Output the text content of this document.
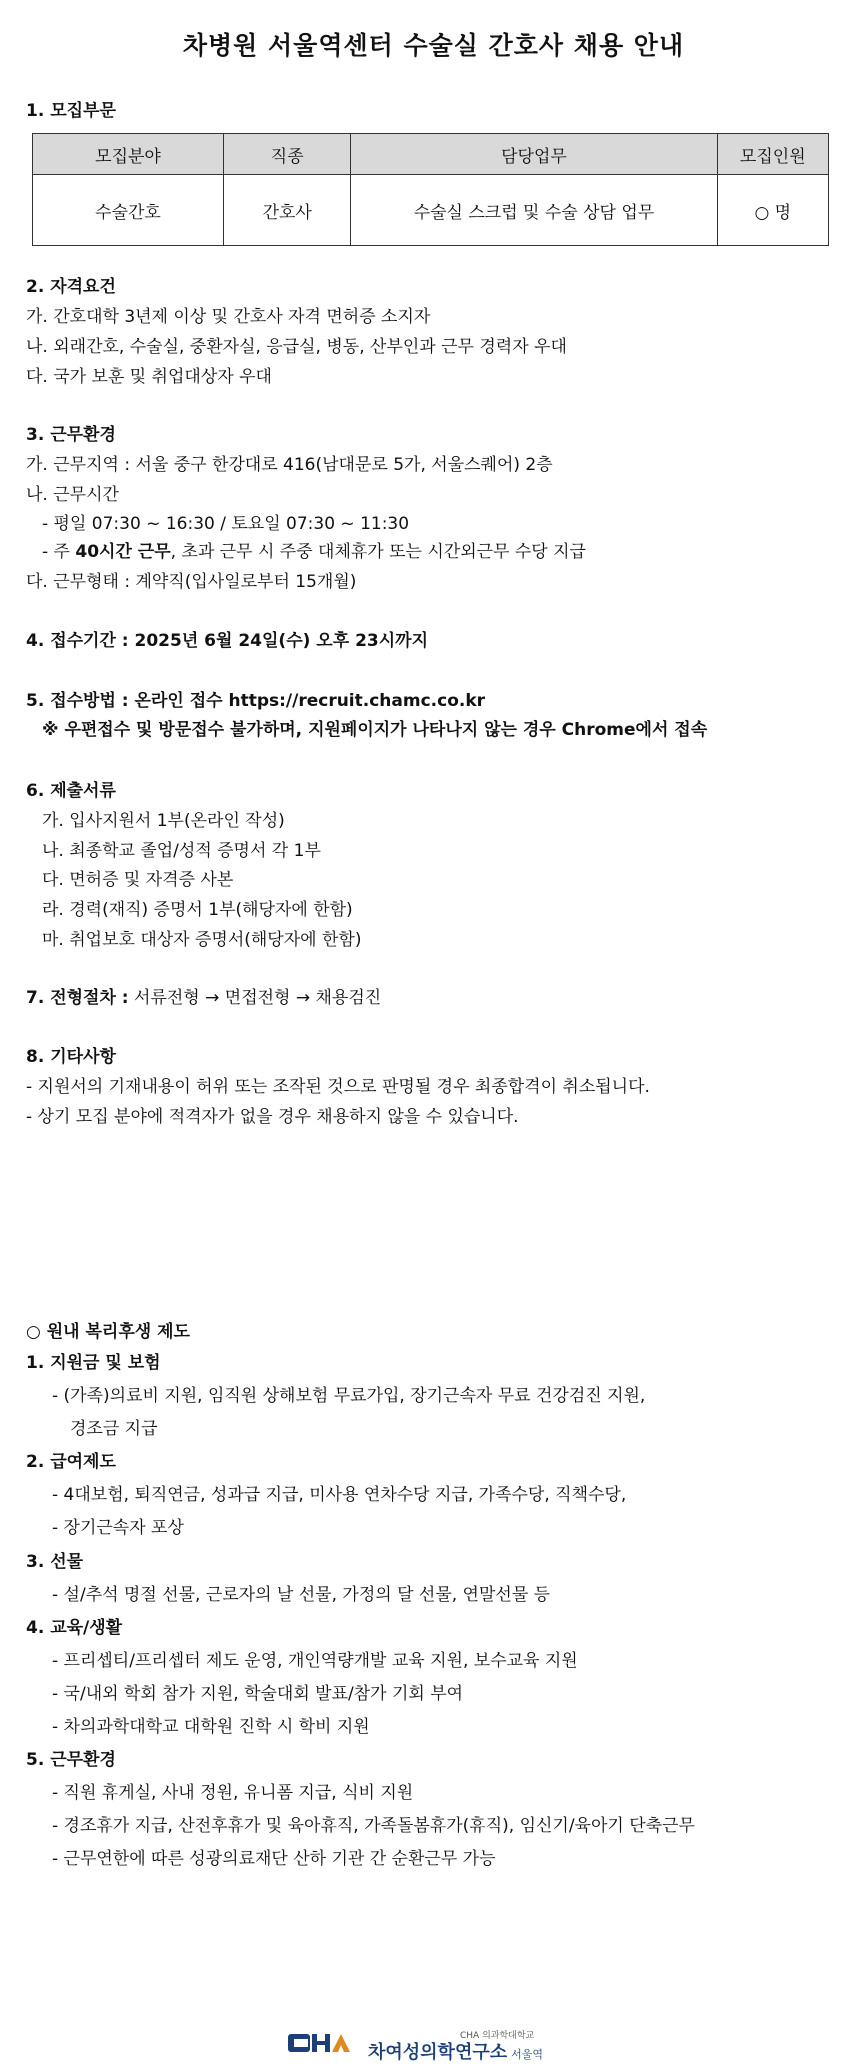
차병원 서울역센터 수술실 간호사 채용 안내
1. 모집부문
모집분야	직종	담당업무	모집인원
수술간호	간호사	수술실 스크럽 및 수술 상담 업무	○ 명
2. 자격요건
가. 간호대학 3년제 이상 및 간호사 자격 면허증 소지자
나. 외래간호, 수술실, 중환자실, 응급실, 병동, 산부인과 근무 경력자 우대
다. 국가 보훈 및 취업대상자 우대
3. 근무환경
가. 근무지역 : 서울 중구 한강대로 416(남대문로 5가, 서울스퀘어) 2층
나. 근무시간
- 평일 07:30 ~ 16:30 / 토요일 07:30 ~ 11:30
- 주 40시간 근무, 초과 근무 시 주중 대체휴가 또는 시간외근무 수당 지급
다. 근무형태 : 계약직(입사일로부터 15개월)
4. 접수기간 : 2025년 6월 24일(수) 오후 23시까지
5. 접수방법 : 온라인 접수 https://recruit.chamc.co.kr
※ 우편접수 및 방문접수 불가하며, 지원페이지가 나타나지 않는 경우 Chrome에서 접속
6. 제출서류
가. 입사지원서 1부(온라인 작성)
나. 최종학교 졸업/성적 증명서 각 1부
다. 면허증 및 자격증 사본
라. 경력(재직) 증명서 1부(해당자에 한함)
마. 취업보호 대상자 증명서(해당자에 한함)
7. 전형절차 : 서류전형 → 면접전형 → 채용검진
8. 기타사항
- 지원서의 기재내용이 허위 또는 조작된 것으로 판명될 경우 최종합격이 취소됩니다.
- 상기 모집 분야에 적격자가 없을 경우 채용하지 않을 수 있습니다.
○ 원내 복리후생 제도
1. 지원금 및 보험
- (가족)의료비 지원, 임직원 상해보험 무료가입, 장기근속자 무료 건강검진 지원,
경조금 지급
2. 급여제도
- 4대보험, 퇴직연금, 성과급 지급, 미사용 연차수당 지급, 가족수당, 직책수당,
- 장기근속자 포상
3. 선물
- 설/추석 명절 선물, 근로자의 날 선물, 가정의 달 선물, 연말선물 등
4. 교육/생활
- 프리셉티/프리셉터 제도 운영, 개인역량개발 교육 지원, 보수교육 지원
- 국/내외 학회 참가 지원, 학술대회 발표/참가 기회 부여
- 차의과학대학교 대학원 진학 시 학비 지원
5. 근무환경
- 직원 휴게실, 사내 정원, 유니폼 지급, 식비 지원
- 경조휴가 지급, 산전후휴가 및 육아휴직, 가족돌봄휴가(휴직), 임신기/육아기 단축근무
- 근무연한에 따른 성광의료재단 산하 기관 간 순환근무 가능
CHA 의과학대학교
차여성의학연구소 서울역
